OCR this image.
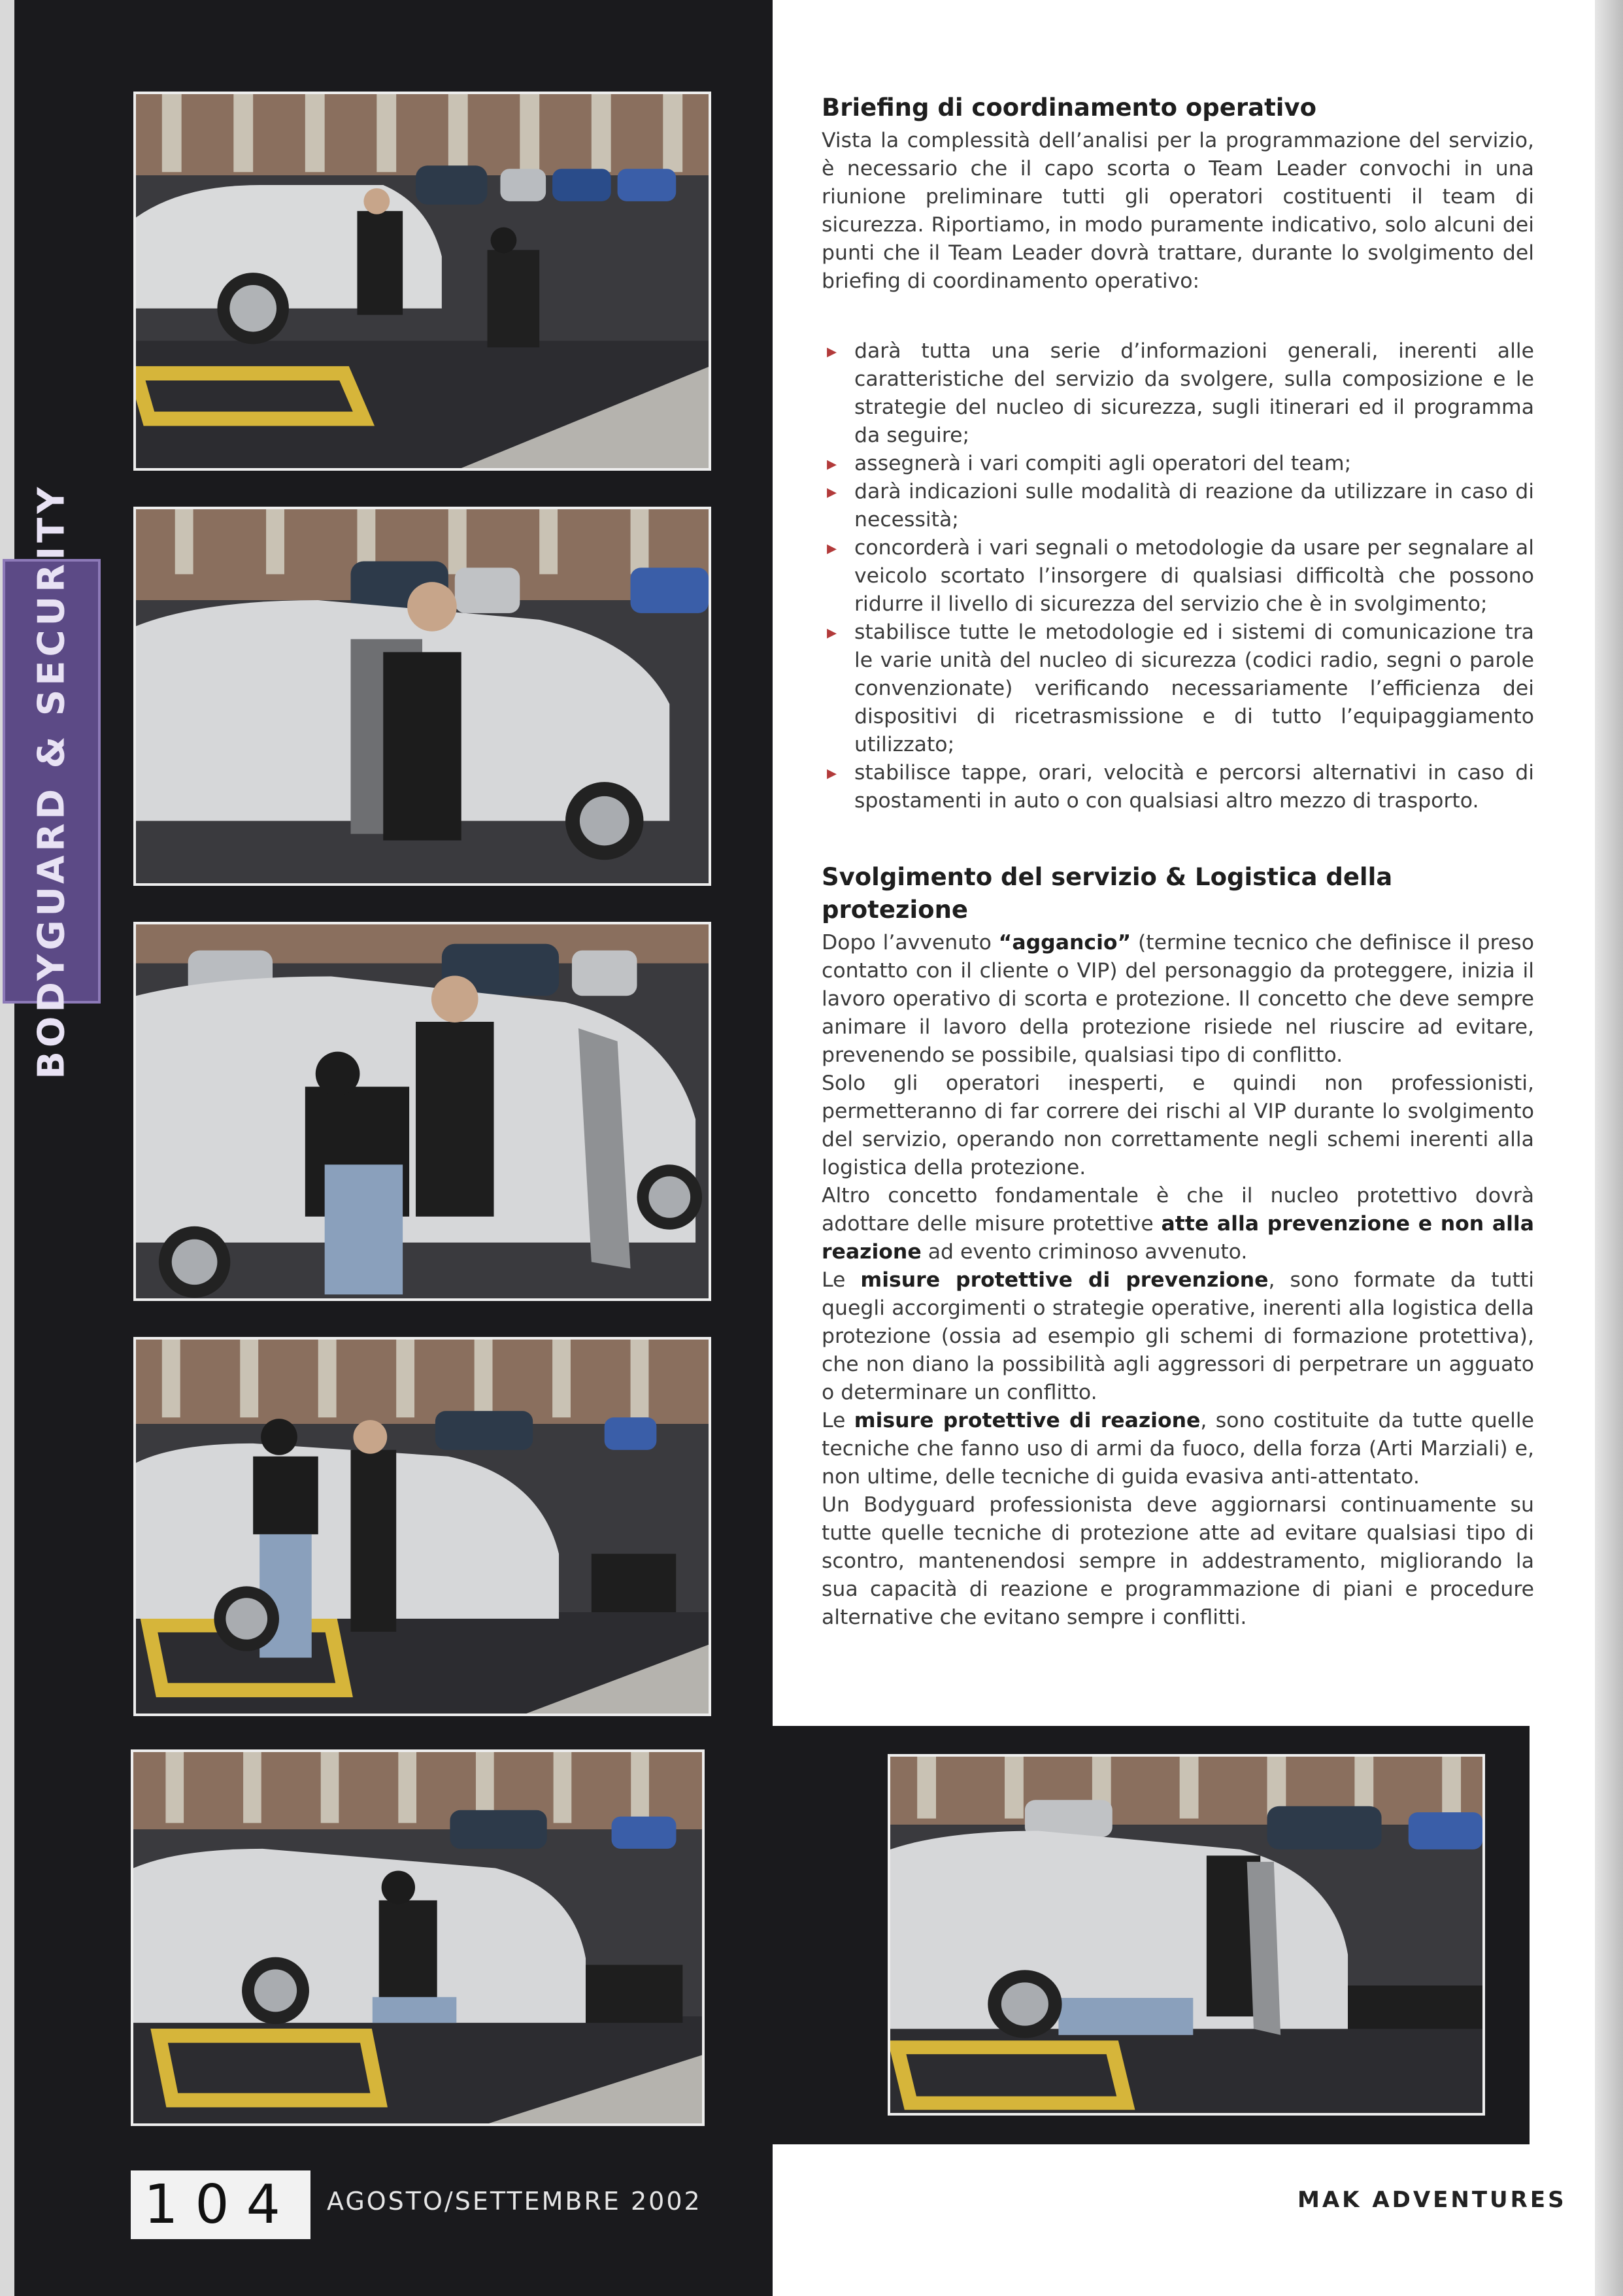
BODYGUARD & SECURITY
Briefing di coordinamento operativo

Vista la complessità dell’analisi per la programmazione del servizio, è necessario che il capo scorta o Team Leader convochi in una riunione preliminare tutti gli operatori costituenti il team di sicurezza. Riportiamo, in modo puramente indicativo, solo alcuni dei punti che il Team Leader dovrà trattare, durante lo svolgimento del briefing di coordinamento operativo:

▸ darà tutta una serie d’informazioni generali, inerenti alle caratteristiche del servizio da svolgere, sulla composizione e le strategie del nucleo di sicurezza, sugli itinerari ed il programma da seguire;
▸ assegnerà i vari compiti agli operatori del team;
▸ darà indicazioni sulle modalità di reazione da utilizzare in caso di necessità;
▸ concorderà i vari segnali o metodologie da usare per segnalare al veicolo scortato l’insorgere di qualsiasi difficoltà che possono ridurre il livello di sicurezza del servizio che è in svolgimento;
▸ stabilisce tutte le metodologie ed i sistemi di comunicazione tra le varie unità del nucleo di sicurezza (codici radio, segni o parole convenzionate) verificando necessariamente l’efficienza dei dispositivi di ricetrasmissione e di tutto l’equipaggiamento utilizzato;
▸ stabilisce tappe, orari, velocità e percorsi alternativi in caso di spostamenti in auto o con qualsiasi altro mezzo di trasporto.
Svolgimento del servizio & Logistica della protezione

Dopo l’avvenuto “aggancio” (termine tecnico che definisce il preso contatto con il cliente o VIP) del personaggio da proteggere, inizia il lavoro operativo di scorta e protezione. Il concetto che deve sempre animare il lavoro della protezione risiede nel riuscire ad evitare, prevenendo se possibile, qualsiasi tipo di conflitto.

Solo gli operatori inesperti, e quindi non professionisti, permetteranno di far correre dei rischi al VIP durante lo svolgimento del servizio, operando non correttamente negli schemi inerenti alla logistica della protezione.

Altro concetto fondamentale è che il nucleo protettivo dovrà adottare delle misure protettive atte alla prevenzione e non alla reazione ad evento criminoso avvenuto.

Le misure protettive di prevenzione, sono formate da tutti quegli accorgimenti o strategie operative, inerenti alla logistica della protezione (ossia ad esempio gli schemi di formazione protettiva), che non diano la possibilità agli aggressori di perpetrare un agguato o determinare un conflitto.

Le misure protettive di reazione, sono costituite da tutte quelle tecniche che fanno uso di armi da fuoco, della forza (Arti Marziali) e, non ultime, delle tecniche di guida evasiva anti-attentato.

Un Bodyguard professionista deve aggiornarsi continuamente su tutte quelle tecniche di protezione atte ad evitare qualsiasi tipo di scontro, mantenendosi sempre in addestramento, migliorando la sua capacità di reazione e programmazione di piani e procedure alternative che evitano sempre i conflitti.

104	AGOSTO/SETTEMBRE 2002	MAK ADVENTURES
